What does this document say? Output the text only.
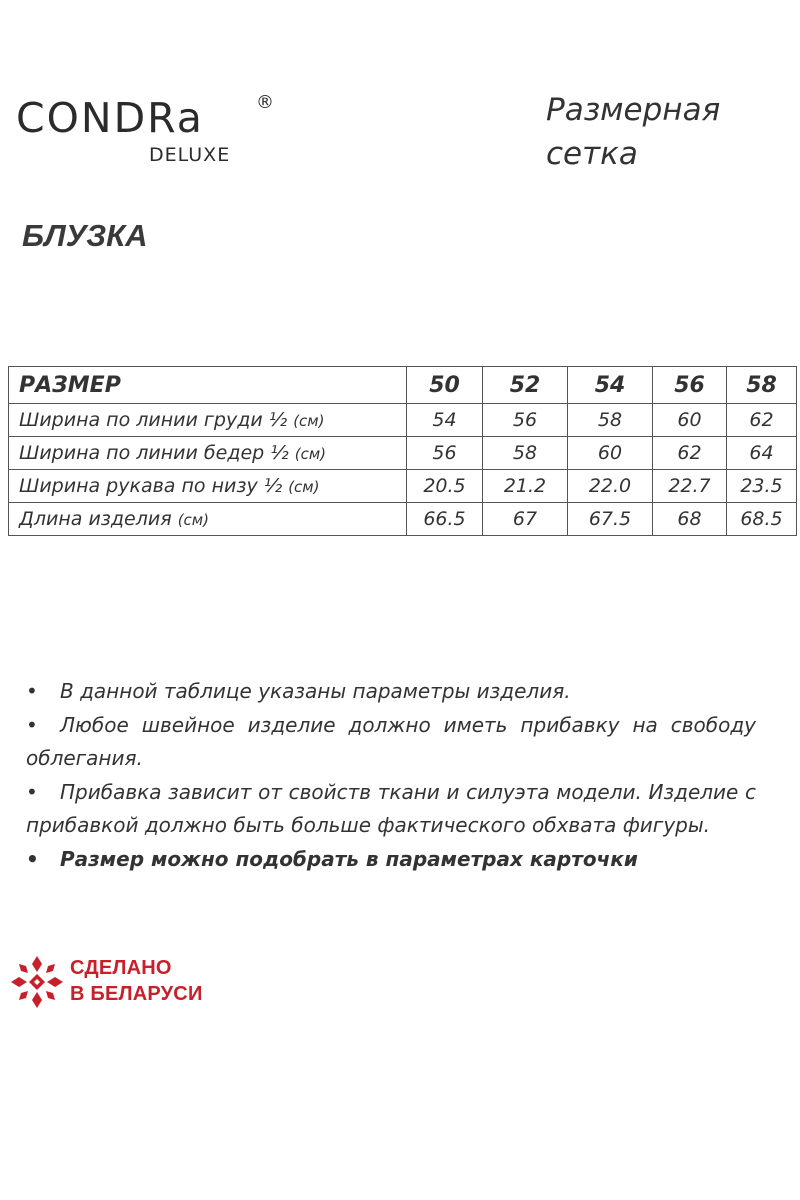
CONDRa	®
DELUXE
Размерная
сетка
БЛУЗКА
РАЗМЕР	50	52	54	56	58
Ширина по линии груди ½ (см)	54	56	58	60	62
Ширина по линии бедер ½ (см)	56	58	60	62	64
Ширина рукава по низу ½ (см)	20.5	21.2	22.0	22.7	23.5
Длина изделия (см)	66.5	67	67.5	68	68.5

• В данной таблице указаны параметры изделия.

• Любое швейное изделие должно иметь прибавку на свободу облегания.

• Прибавка зависит от свойств ткани и силуэта модели. Изделие с прибавкой должно быть больше фактического обхвата фигуры.

• Размер можно подобрать в параметрах карточки

СДЕЛАНО
В БЕЛАРУСИ
